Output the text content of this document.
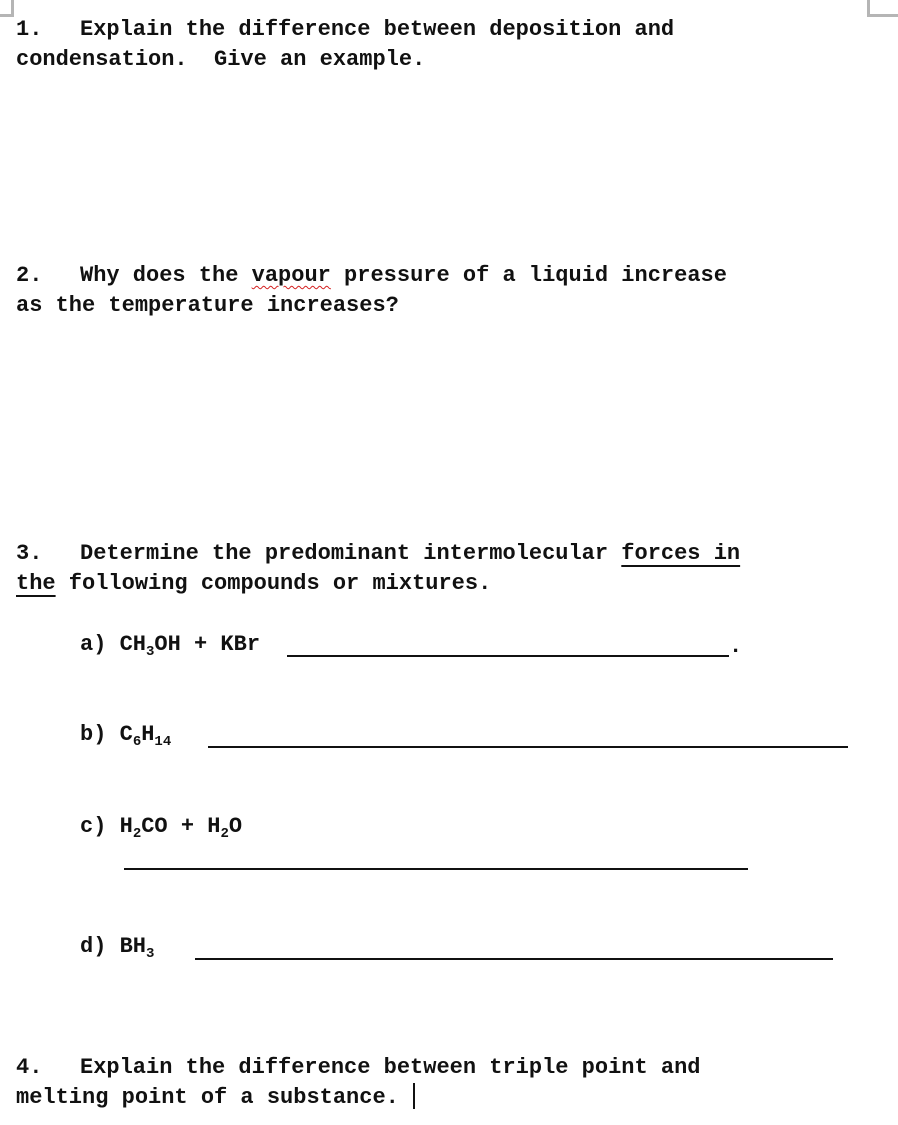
1. Explain the difference between deposition and
condensation.  Give an example.
2. Why does the vapour pressure of a liquid increase
as the temperature increases?
3. Determine the predominant intermolecular forces in
the following compounds or mixtures.
a) $CH_3OH$ + KBr	.
b) $C_6H_{14}$
c) $H_2CO + H_2O$
d) $BH_3$
4. Explain the difference between triple point and
melting point of a substance.
